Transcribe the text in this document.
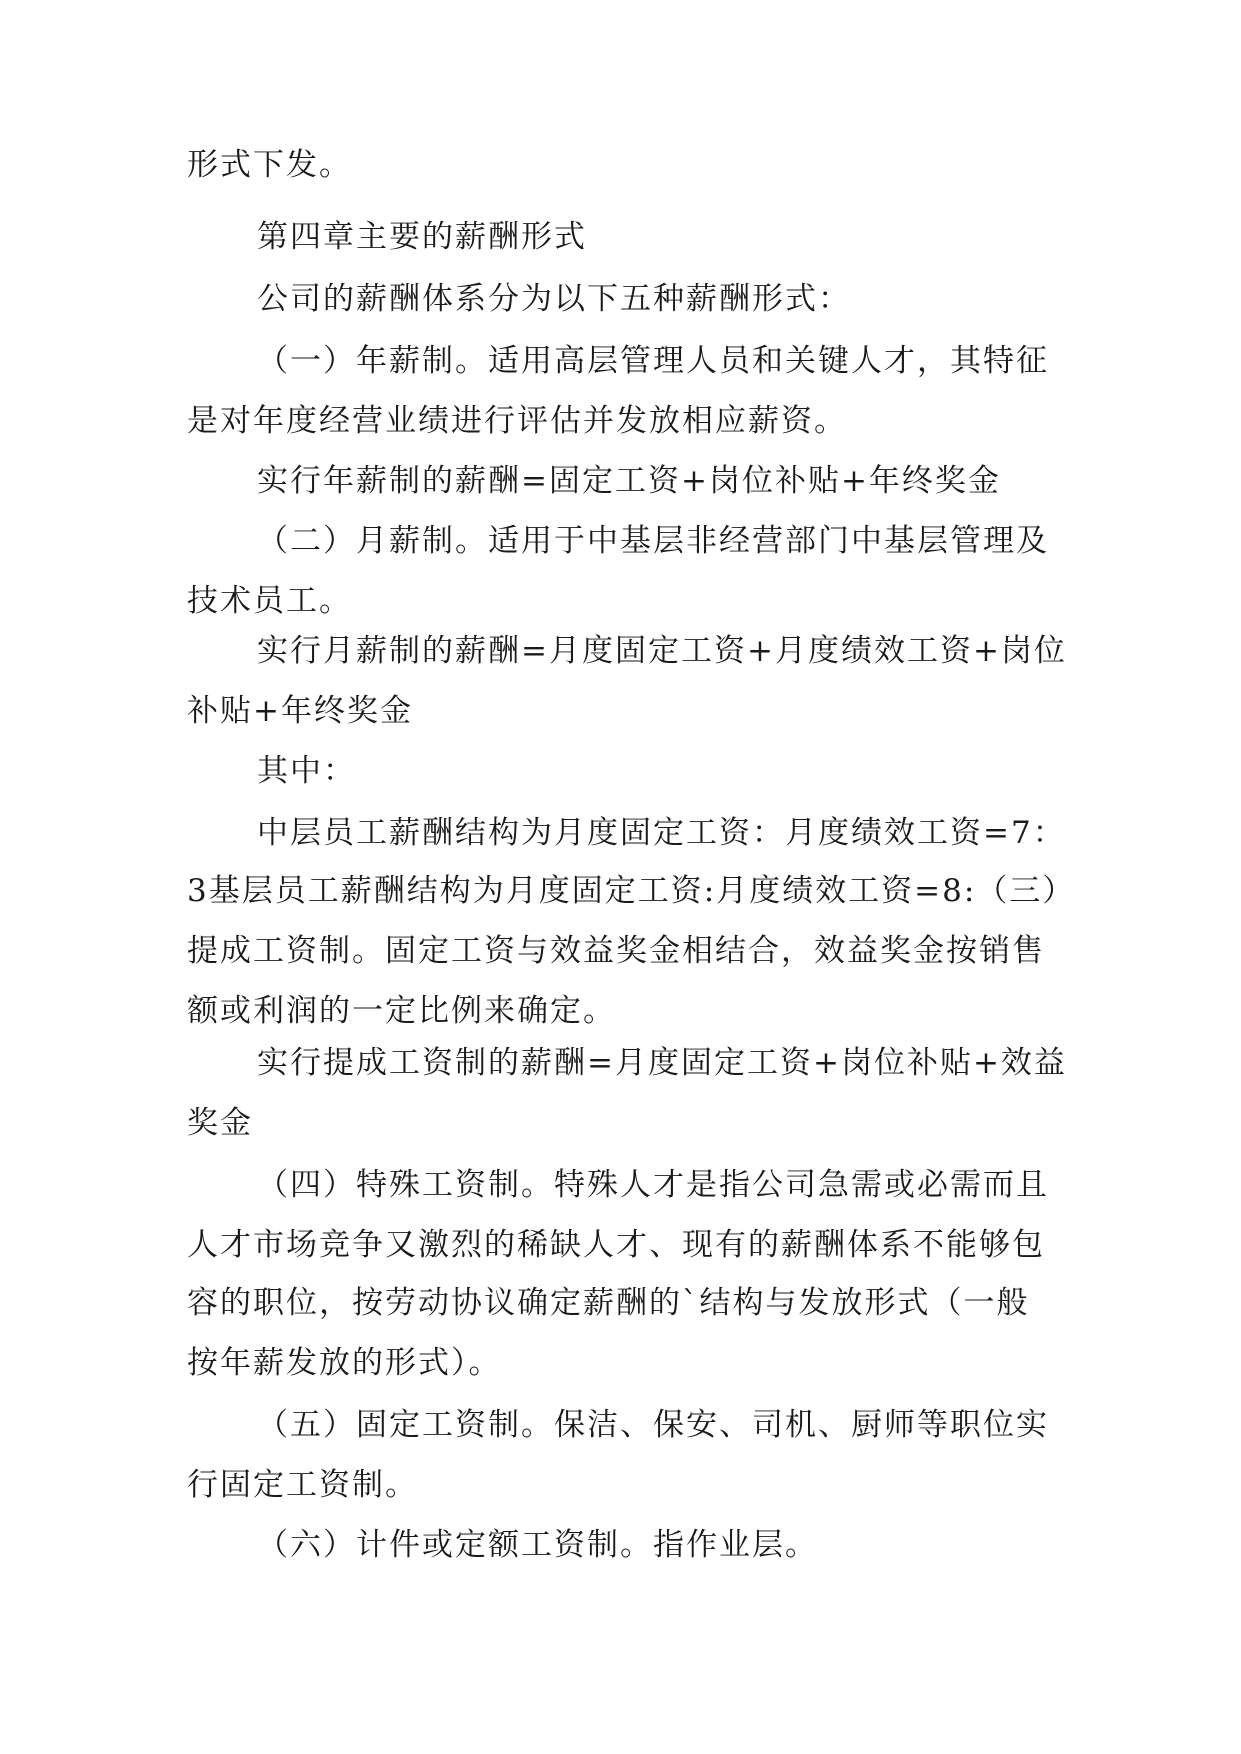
形式下发。
第四章主要的薪酬形式
公司的薪酬体系分为以下五种薪酬形式：
（一）年薪制。适用高层管理人员和关键人才，其特征
是对年度经营业绩进行评估并发放相应薪资。
实行年薪制的薪酬=固定工资+岗位补贴+年终奖金
（二）月薪制。适用于中基层非经营部门中基层管理及
技术员工。
实行月薪制的薪酬=月度固定工资+月度绩效工资+岗位
补贴+年终奖金
其中：
中层员工薪酬结构为月度固定工资：月度绩效工资=7：
3基层员工薪酬结构为月度固定工资:月度绩效工资=8:（三）
提成工资制。固定工资与效益奖金相结合，效益奖金按销售
额或利润的一定比例来确定。
实行提成工资制的薪酬=月度固定工资+岗位补贴+效益
奖金
（四）特殊工资制。特殊人才是指公司急需或必需而且
人才市场竞争又激烈的稀缺人才、现有的薪酬体系不能够包
容的职位，按劳动协议确定薪酬的`结构与发放形式（一般
按年薪发放的形式）。
（五）固定工资制。保洁、保安、司机、厨师等职位实
行固定工资制。
（六）计件或定额工资制。指作业层。
